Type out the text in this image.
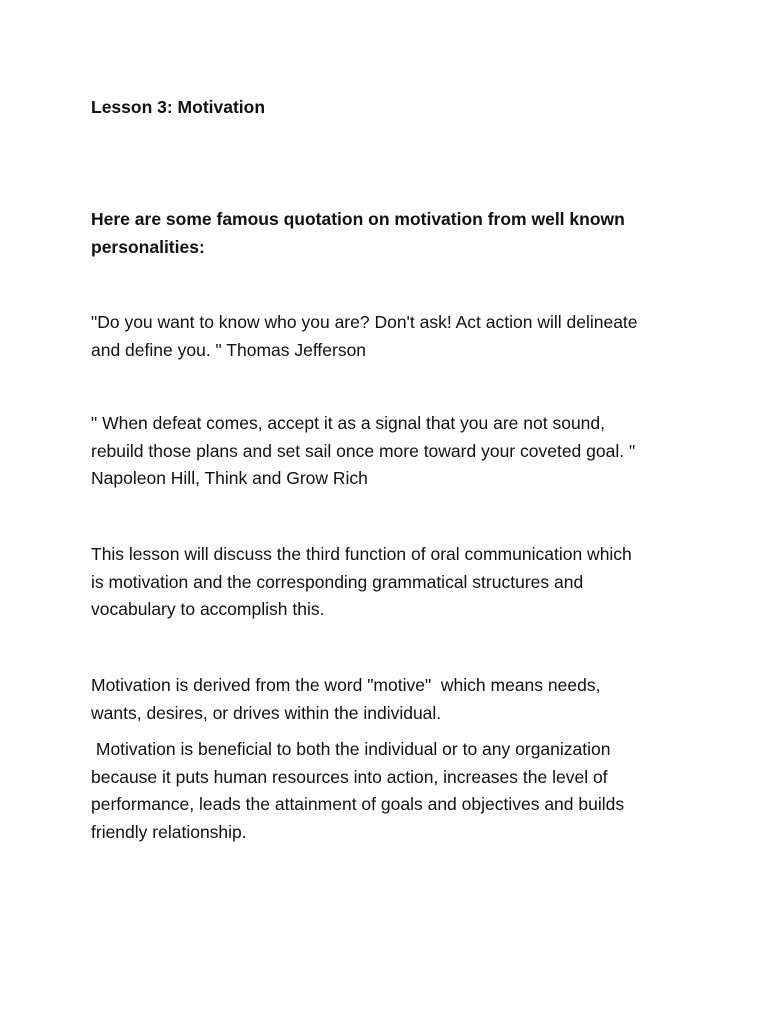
Lesson 3: Motivation
Here are some famous quotation on motivation from well known
personalities:
"Do you want to know who you are? Don't ask! Act action will delineate
and define you. " Thomas Jefferson
" When defeat comes, accept it as a signal that you are not sound,
rebuild those plans and set sail once more toward your coveted goal. "
Napoleon Hill, Think and Grow Rich
This lesson will discuss the third function of oral communication which
is motivation and the corresponding grammatical structures and
vocabulary to accomplish this.
Motivation is derived from the word "motive"  which means needs,
wants, desires, or drives within the individual.
Motivation is beneficial to both the individual or to any organization
because it puts human resources into action, increases the level of
performance, leads the attainment of goals and objectives and builds
friendly relationship.
